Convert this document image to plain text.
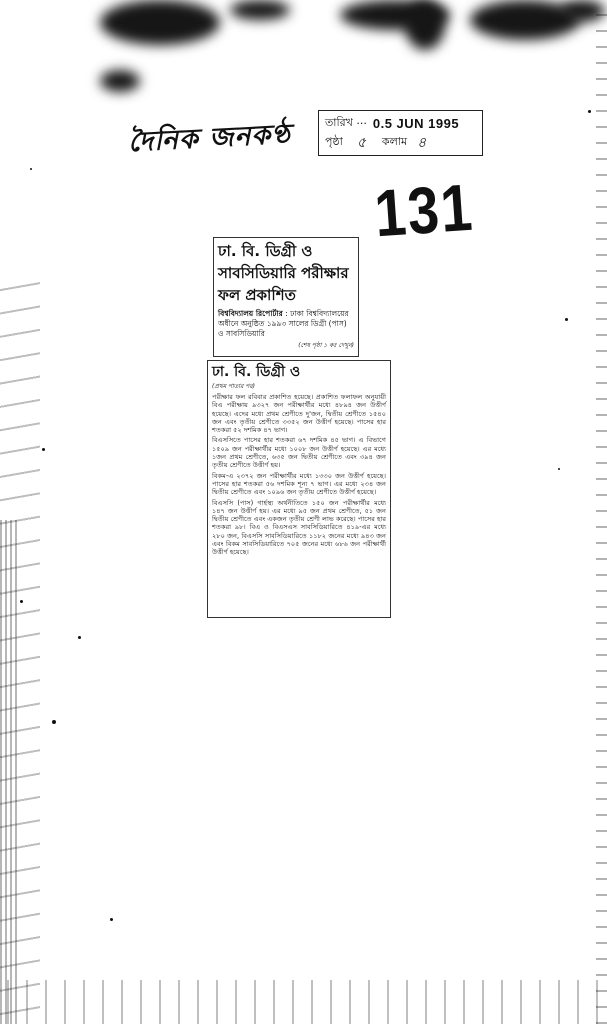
দৈনিক জনকণ্ঠ	তারিখ ··· 0.5 JUN 1995
পৃষ্ঠা ৫ কলাম ৪
131
ঢা. বি. ডিগ্রী ও সাবসিডিয়ারি পরীক্ষার ফল প্রকাশিত
বিশ্ববিদ্যালয় রিপোর্টার : ঢাকা বিশ্ববিদ্যালয়ের অধীনে অনুষ্ঠিত ১৯৯৩ সালের ডিগ্রী (পাস) ও সাবসিডিয়ারি
(শেষ পৃষ্ঠা ১ কঃ দেখুন)
ঢা. বি. ডিগ্রী ও
(প্রথম পাতার পর)

পরীক্ষার ফল রবিবার প্রকাশিত হয়েছে। প্রকাশিত ফলাফল অনুযায়ী বিএ পরীক্ষায় ৯৩২৭ জন পরীক্ষার্থীর মধ্যে ৪৮৯৪ জন উত্তীর্ণ হয়েছে। এদের মধ্যে প্রথম শ্রেণীতে দু'জন, দ্বিতীয় শ্রেণীতে ১৫৪০ জন এবং তৃতীয় শ্রেণীতে ৩৩৫২ জন উত্তীর্ণ হয়েছে। পাসের হার শতকরা ৫২ দশমিক ৪৭ ভাগ।

বিএসসিতে পাসের হার শতকরা ৬৭ দশমিক ৪৫ ভাগ। এ বিভাগে ১৫০৯ জন পরীক্ষার্থীর মধ্যে ১০০৮ জন উত্তীর্ণ হয়েছে। এর মধ্যে ১জন প্রথম শ্রেণীতে, ৬৩৫ জন দ্বিতীয় শ্রেণীতে এবং ৩৯৪ জন তৃতীয় শ্রেণীতে উত্তীর্ণ হয়।

বিকম-এ ২৩৭২ জন পরীক্ষার্থীর মধ্যে ১৩৩০ জন উত্তীর্ণ হয়েছে। পাসের হার শতকরা ৫৬ দশমিক শূন্য ৭ ভাগ। এর মধ্যে ২৩৪ জন দ্বিতীয় শ্রেণীতে এবং ১০৯৬ জন তৃতীয় শ্রেণীতে উত্তীর্ণ হয়েছে।

বিএসসি (পাস) গার্হস্থ্য অর্থনীতিতে ১৫০ জন পরীক্ষার্থীর মধ্যে ১৪৭ জন উত্তীর্ণ হয়। এর মধ্যে ৯৫ জন প্রথম শ্রেণীতে, ৫১ জন দ্বিতীয় শ্রেণীতে এবং একজন তৃতীয় শ্রেণী লাভ করেছে। পাসের হার শতকরা ৯৮। বিএ ও বিএসএস সাবসিডিয়ারিতে ৪১৯-এর মধ্যে ২৮০ জন, বিএসসি সাবসিডিয়ারিতে ১১৮২ জনের মধ্যে ৯৪৩ জন এবং বিকম সাবসিডিয়ারিতে ৭০৫ জনের মধ্যে ৬৮৬ জন পরীক্ষার্থী উত্তীর্ণ হয়েছে।
